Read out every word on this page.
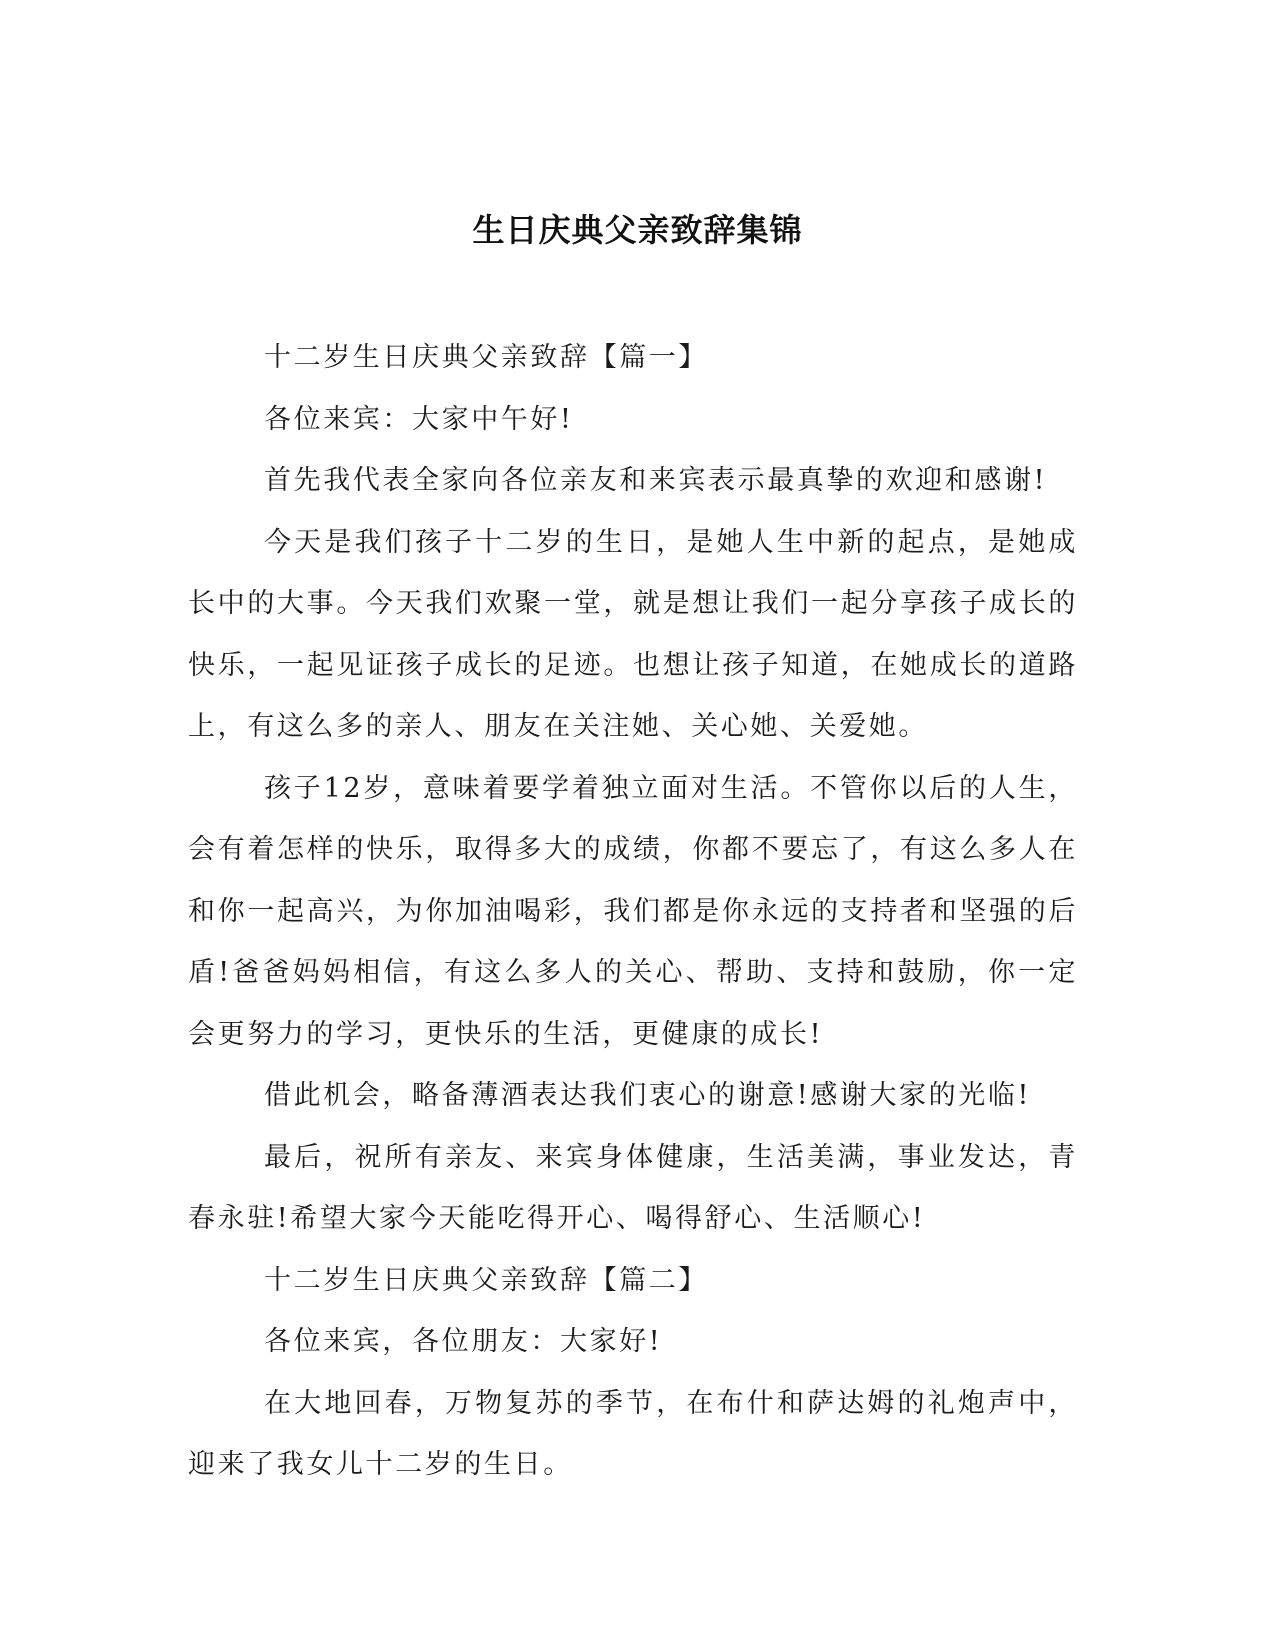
生日庆典父亲致辞集锦

十二岁生日庆典父亲致辞【篇一】

各位来宾：大家中午好!

首先我代表全家向各位亲友和来宾表示最真挚的欢迎和感谢!

今天是我们孩子十二岁的生日，是她人生中新的起点，是她成长中的大事。今天我们欢聚一堂，就是想让我们一起分享孩子成长的快乐，一起见证孩子成长的足迹。也想让孩子知道，在她成长的道路上，有这么多的亲人、朋友在关注她、关心她、关爱她。

孩子12岁，意味着要学着独立面对生活。不管你以后的人生，会有着怎样的快乐，取得多大的成绩，你都不要忘了，有这么多人在和你一起高兴，为你加油喝彩，我们都是你永远的支持者和坚强的后盾!爸爸妈妈相信，有这么多人的关心、帮助、支持和鼓励，你一定会更努力的学习，更快乐的生活，更健康的成长!

借此机会，略备薄酒表达我们衷心的谢意!感谢大家的光临!

最后，祝所有亲友、来宾身体健康，生活美满，事业发达，青春永驻!希望大家今天能吃得开心、喝得舒心、生活顺心!

十二岁生日庆典父亲致辞【篇二】

各位来宾，各位朋友：大家好!

在大地回春，万物复苏的季节，在布什和萨达姆的礼炮声中，迎来了我女儿十二岁的生日。
